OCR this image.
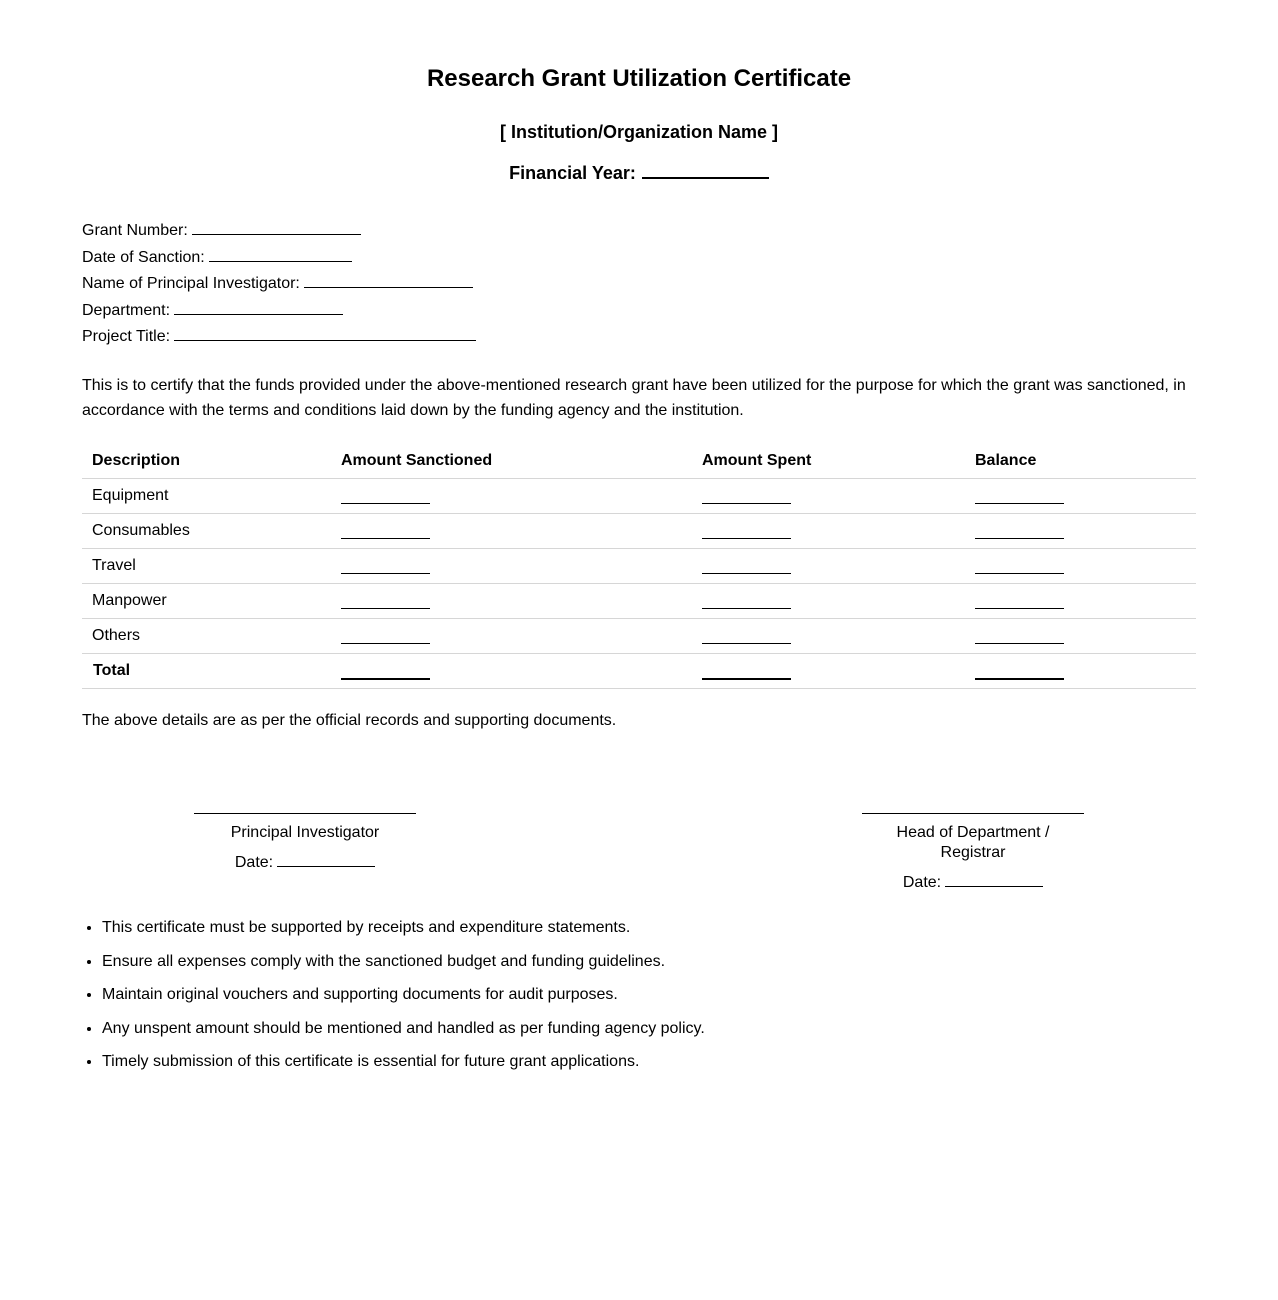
Research Grant Utilization Certificate
[ Institution/Organization Name ]
Financial Year:
Grant Number:
Date of Sanction:
Name of Principal Investigator:
Department:
Project Title:

This is to certify that the funds provided under the above-mentioned research grant have been utilized for the purpose for which the grant was sanctioned, in accordance with the terms and conditions laid down by the funding agency and the institution.

Description	Amount Sanctioned	Amount Spent	Balance
Equipment			
Consumables			
Travel			
Manpower			
Others			
Total			
The above details are as per the official records and supporting documents.
Principal Investigator
Date:
Head of Department / Registrar
Date:
• This certificate must be supported by receipts and expenditure statements.
• Ensure all expenses comply with the sanctioned budget and funding guidelines.
• Maintain original vouchers and supporting documents for audit purposes.
• Any unspent amount should be mentioned and handled as per funding agency policy.
• Timely submission of this certificate is essential for future grant applications.
